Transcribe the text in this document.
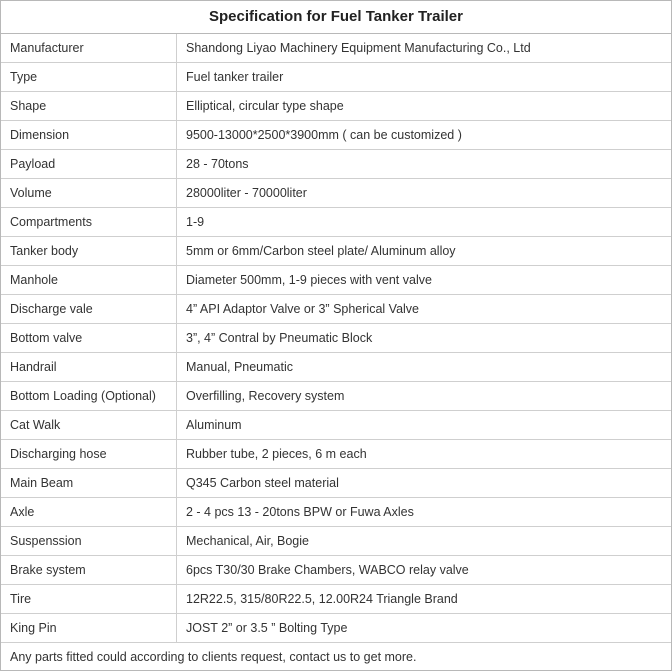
Specification for Fuel Tanker Trailer
Manufacturer	Shandong Liyao Machinery Equipment Manufacturing Co., Ltd
Type	Fuel tanker trailer
Shape	Elliptical, circular type shape
Dimension	9500-13000*2500*3900mm ( can be customized )
Payload	28 - 70tons
Volume	28000liter - 70000liter
Compartments	1-9
Tanker body	5mm or 6mm/Carbon steel plate/ Aluminum alloy
Manhole	Diameter 500mm, 1-9 pieces with vent valve
Discharge vale	4” API Adaptor Valve or 3” Spherical Valve
Bottom valve	3”, 4” Contral by Pneumatic Block
Handrail	Manual, Pneumatic
Bottom Loading (Optional)	Overfilling, Recovery system
Cat Walk	Aluminum
Discharging hose	Rubber tube, 2 pieces, 6 m each
Main Beam	Q345 Carbon steel material
Axle	2 - 4 pcs 13 - 20tons BPW or Fuwa Axles
Suspenssion	Mechanical, Air, Bogie
Brake system	6pcs T30/30 Brake Chambers, WABCO relay valve
Tire	12R22.5, 315/80R22.5, 12.00R24 Triangle Brand
King Pin	JOST 2” or 3.5 ” Bolting Type
Any parts fitted could according to clients request, contact us to get more.
